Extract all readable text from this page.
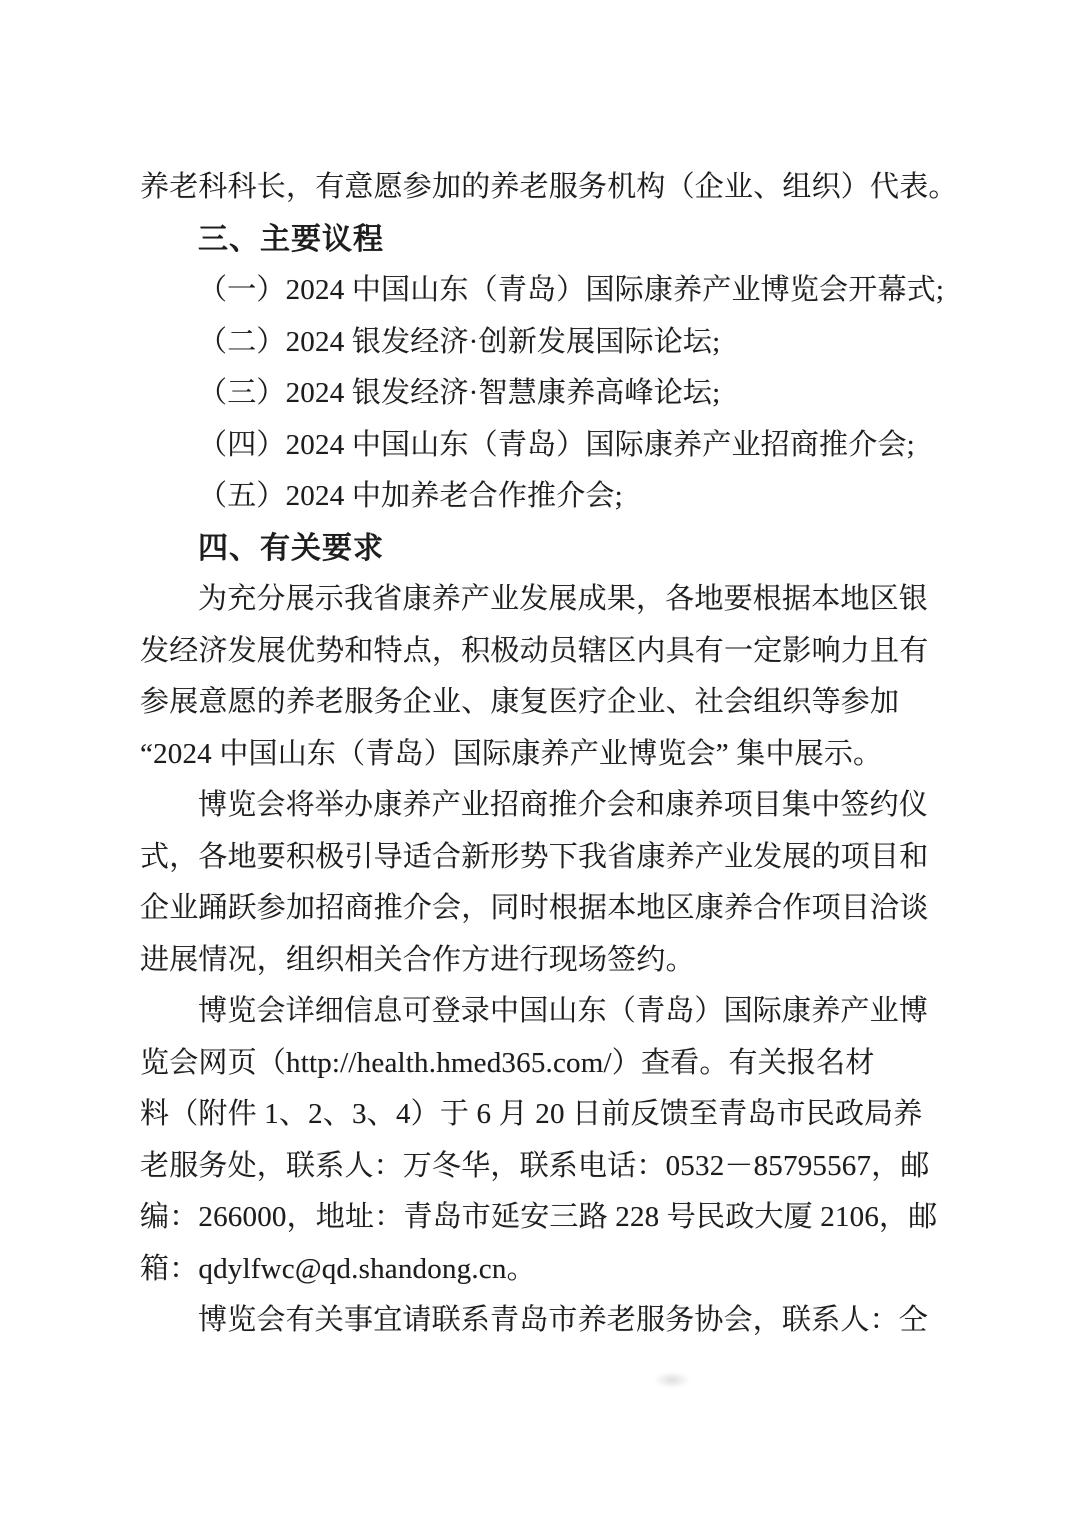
养老科科长，有意愿参加的养老服务机构（企业、组织）代表。
三、主要议程
（一）2024 中国山东（青岛）国际康养产业博览会开幕式;
（二）2024 银发经济·创新发展国际论坛;
（三）2024 银发经济·智慧康养高峰论坛;
（四）2024 中国山东（青岛）国际康养产业招商推介会;
（五）2024 中加养老合作推介会;
四、有关要求
为充分展示我省康养产业发展成果，各地要根据本地区银
发经济发展优势和特点，积极动员辖区内具有一定影响力且有
参展意愿的养老服务企业、康复医疗企业、社会组织等参加
“2024 中国山东（青岛）国际康养产业博览会” 集中展示。
博览会将举办康养产业招商推介会和康养项目集中签约仪
式，各地要积极引导适合新形势下我省康养产业发展的项目和
企业踊跃参加招商推介会，同时根据本地区康养合作项目洽谈
进展情况，组织相关合作方进行现场签约。
博览会详细信息可登录中国山东（青岛）国际康养产业博
览会网页（http://health.hmed365.com/）查看。有关报名材
料（附件 1、2、3、4）于 6 月 20 日前反馈至青岛市民政局养
老服务处，联系人：万冬华，联系电话：0532－85795567，邮
编：266000，地址：青岛市延安三路 228 号民政大厦 2106，邮
箱：qdylfwc@qd.shandong.cn。
博览会有关事宜请联系青岛市养老服务协会，联系人：仝
